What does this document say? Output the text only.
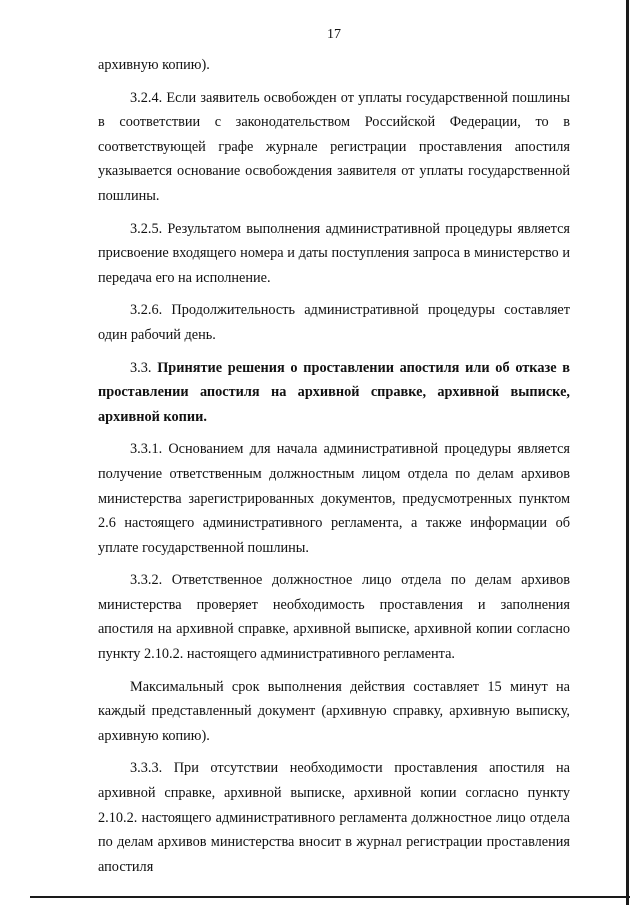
17

архивную копию).

3.2.4. Если заявитель освобожден от уплаты государственной пошлины в соответствии с законодательством Российской Федерации, то в соответствующей графе журнале регистрации проставления апостиля указывается основание освобождения заявителя от уплаты государственной пошлины.

3.2.5. Результатом выполнения административной процедуры является присвоение входящего номера и даты поступления запроса в министерство и передача его на исполнение.

3.2.6. Продолжительность административной процедуры составляет один рабочий день.

3.3. Принятие решения о проставлении апостиля или об отказе в проставлении апостиля на архивной справке, архивной выписке, архивной копии.

3.3.1. Основанием для начала административной процедуры является получение ответственным должностным лицом отдела по делам архивов министерства зарегистрированных документов, предусмотренных пунктом 2.6 настоящего административного регламента, а также информации об уплате государственной пошлины.

3.3.2. Ответственное должностное лицо отдела по делам архивов министерства проверяет необходимость проставления и заполнения апостиля на архивной справке, архивной выписке, архивной копии согласно пункту 2.10.2. настоящего административного регламента.

Максимальный срок выполнения действия составляет 15 минут на каждый представленный документ (архивную справку, архивную выписку, архивную копию).

3.3.3. При отсутствии необходимости проставления апостиля на архивной справке, архивной выписке, архивной копии согласно пункту 2.10.2. настоящего административного регламента должностное лицо отдела по делам архивов министерства вносит в журнал регистрации проставления апостиля
